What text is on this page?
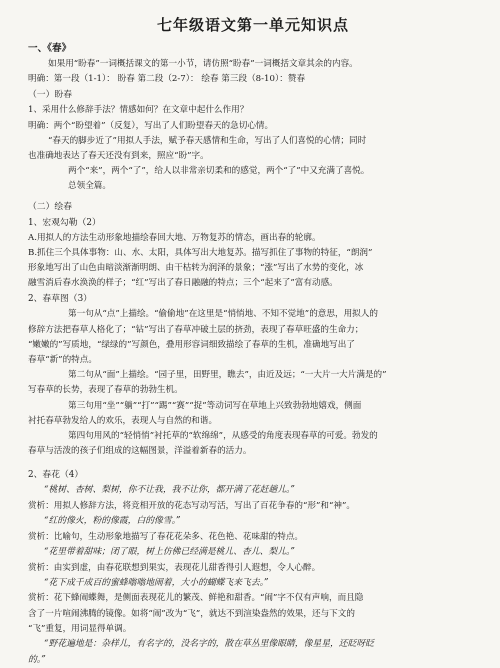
七年级语文第一单元知识点

一、《春》

如果用“盼春”一词概括课文的第一小节，请仿照“盼春”一词概括文章其余的内容。

明确：第一段（1-1）： 盼春 第二段（2-7）： 绘春 第三段（8-10）：赞春

（一）盼春

1、采用什么修辞手法？情感如何？在文章中起什么作用？

明确：两个“盼望着”（反复），写出了人们盼望春天的急切心情。

“春天的脚步近了”用拟人手法，赋予春天感情和生命，写出了人们喜悦的心情；同时

也准确地表达了春天还没有到来，照应“盼”字。

两个“来”，两个“了”，给人以非常亲切柔和的感觉，两个“了”中又充满了喜悦。

总领全篇。

（二）绘春

1、宏观勾勒（2）

A.用拟人的方法生动形象地描绘春回大地、万物复苏的情态，画出春的轮廓。

B.抓住三个具体事物：山、水、太阳，具体写出大地复苏。描写抓住了事物的特征，“朗润”

形象地写出了山色由暗淡渐渐明朗、由干枯转为润泽的景象；“涨”写出了水势的变化，冰

融雪消后春水涣涣的样子；“红”写出了春日融融的特点；三个“起来了”富有动感。

2、春草图（3）

第一句从“点”上描绘。“偷偷地”在这里是“悄悄地、不知不觉地”的意思，用拟人的

修辞方法把春草人格化了；“钻”写出了春草冲破土层的挤劲，表现了春草旺盛的生命力；

“嫩嫩的”写质地，“绿绿的”写颜色，叠用形容词细致描绘了春草的生机，准确地写出了

春草“新”的特点。

第二句从“面”上描绘。“园子里，田野里，瞧去”，由近及远；“一大片一大片满是的”

写春草的长势，表现了春草的勃勃生机。

第三句用“坐”“躺”“打”“踢”“赛”“捉”等动词写在草地上兴致勃勃地嬉戏，侧面

衬托春草勃发给人的欢乐，表现人与自然的和谐。

第四句用风的“轻悄悄”衬托草的“软绵绵”，从感受的角度表现春草的可爱。勃发的

春草与活泼的孩子们组成的这幅图景，洋溢着新春的活力。

2、春花（4）

“桃树、杏树、梨树，你不让我，我不让你，都开满了花赶趟儿。”

赏析：用拟人修辞方法，将竞相开放的花态写动写活，写出了百花争春的“形”和“神”。

“红的像火，粉的像霞，白的像雪。”

赏析：比喻句，生动形象地描写了春花花朵多、花色艳、花味甜的特点。

“花里带着甜味；闭了眼，树上仿佛已经满是桃儿、杏儿、梨儿。”

赏析：由实到虚，由春花联想到果实，表现花儿甜香得引人遐想，令人心醉。

“花下成千成百的蜜蜂嗡嗡地闹着，大小的蝴蝶飞来飞去。”

赏析：花下蜂闹蝶舞，是侧面表现花儿的繁茂、鲜艳和甜香。“闹”字不仅有声响，而且隐

含了一片喧闹沸腾的镜像。如将“闹”改为“飞”，就达不到渲染盎然的效果，还与下文的

“飞”重复，用词显得单调。

“野花遍地是：杂样儿，有名字的，没名字的，散在草丛里像眼睛，像星星，还眨呀眨

的。”
